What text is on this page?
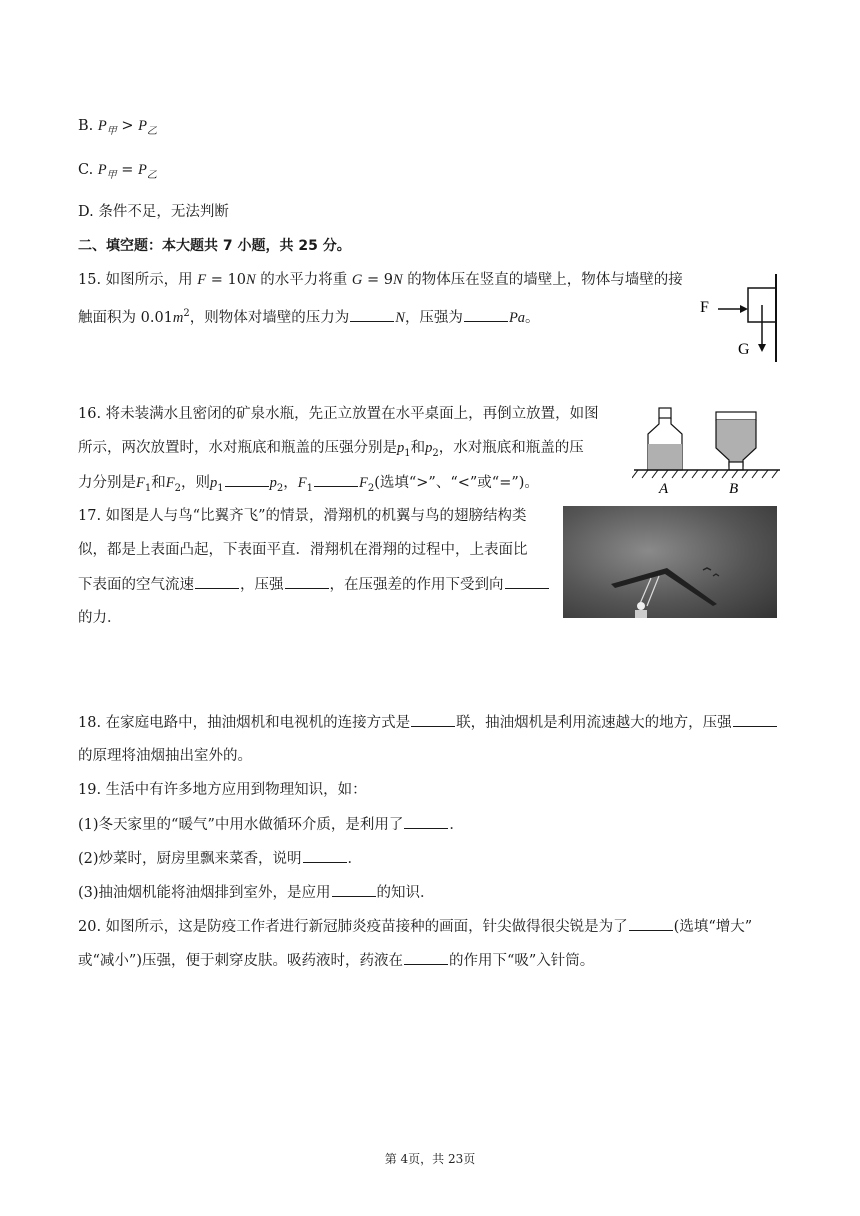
B. $P_甲 > P_乙$
C. $P_甲 = P_乙$
D. 条件不足，无法判断
二、填空题：本大题共 7 小题，共 25 分。
15. 如图所示，用 F = 10N 的水平力将重 G = 9N 的物体压在竖直的墙壁上，物体与墙壁的接
触面积为 $0.01m^2$，则物体对墙壁的压力为	N，压强为	Pa。
F
G
16. 将未装满水且密闭的矿泉水瓶，先正立放置在水平桌面上，再倒立放置，如图
所示，两次放置时，水对瓶底和瓶盖的压强分别是$p_1$和$p_2$，水对瓶底和瓶盖的压
力分别是$F_1$和$F_2$，则$p_1$	$p_2$，$F_1$	$F_2$(选填“>”、“<”或“=”)。	A	B
17. 如图是人与鸟“比翼齐飞”的情景，滑翔机的机翼与鸟的翅膀结构类
似，都是上表面凸起，下表面平直．滑翔机在滑翔的过程中，上表面比
下表面的空气流速	，压强	，在压强差的作用下受到向
的力．
18. 在家庭电路中，抽油烟机和电视机的连接方式是	联，抽油烟机是利用流速越大的地方，压强
的原理将油烟抽出室外的。
19. 生活中有许多地方应用到物理知识，如：
(1)冬天家里的“暖气”中用水做循环介质，是利用了	．
(2)炒菜时，厨房里飘来菜香，说明	．
(3)抽油烟机能将油烟排到室外，是应用	的知识．
20. 如图所示，这是防疫工作者进行新冠肺炎疫苗接种的画面，针尖做得很尖锐是为了	(选填“增大”
或“减小”)压强，便于刺穿皮肤。吸药液时，药液在	的作用下“吸”入针筒。
第 4页，共 23页
